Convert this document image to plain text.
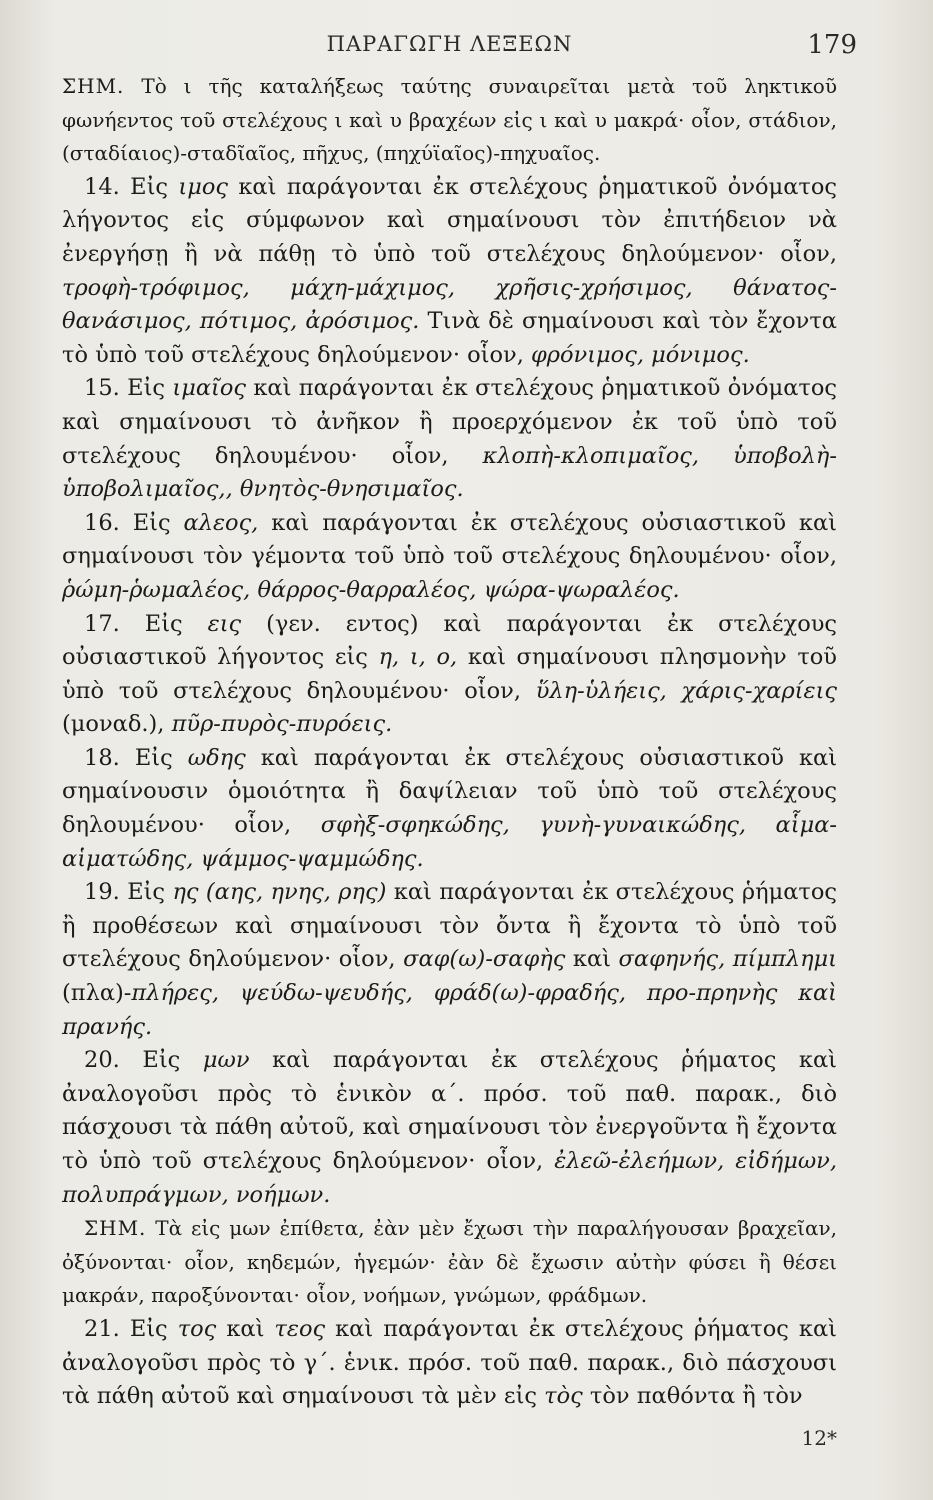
ΠΑΡΑΓΩΓΗ ΛΕΞΕΩΝ	179

ΣΗΜ. Τὸ ι τῆς καταλήξεως ταύτης συναιρεῖται μετὰ τοῦ ληκτικοῦ φωνήεντος τοῦ στελέχους ι καὶ υ βραχέων εἰς ι καὶ υ μακρά· οἷον, στάδιον, (σταδίαιος)-σταδῖαῖος, πῆχυς, (πηχύϊαῖος)-πηχυαῖος.

14. Εἰς ιμος καὶ παράγονται ἐκ στελέχους ῥηματικοῦ ὀνόματος λήγοντος εἰς σύμφωνον καὶ σημαίνουσι τὸν ἐπιτήδειον νὰ ἐνεργήσῃ ἢ νὰ πάθῃ τὸ ὑπὸ τοῦ στελέχους δηλούμενον· οἷον, τροφὴ-τρόφιμος, μάχη-μάχιμος, χρῆσις-χρήσιμος, θάνατος-θανάσιμος, πότιμος, ἀρόσιμος. Τινὰ δὲ σημαίνουσι καὶ τὸν ἔχοντα τὸ ὑπὸ τοῦ στελέχους δηλούμενον· οἷον, φρόνιμος, μόνιμος.

15. Εἰς ιμαῖος καὶ παράγονται ἐκ στελέχους ῥηματικοῦ ὀνόματος καὶ σημαίνουσι τὸ ἀνῆκον ἢ προερχόμενον ἐκ τοῦ ὑπὸ τοῦ στελέχους δηλουμένου· οἷον, κλοπὴ-κλοπιμαῖος, ὑποβολὴ-ὑποβολιμαῖος,, θνητὸς-θνησιμαῖος.

16. Εἰς αλεος, καὶ παράγονται ἐκ στελέχους οὐσιαστικοῦ καὶ σημαίνουσι τὸν γέμοντα τοῦ ὑπὸ τοῦ στελέχους δηλουμένου· οἷον, ῥώμη-ῥωμαλέος, θάρρος-θαρραλέος, ψώρα-ψωραλέος.

17. Εἰς εις (γεν. εντος) καὶ παράγονται ἐκ στελέχους οὐσιαστικοῦ λήγοντος εἰς η, ι, ο, καὶ σημαίνουσι πλησμονὴν τοῦ ὑπὸ τοῦ στελέχους δηλουμένου· οἷον, ὕλη-ὑλήεις, χάρις-χαρίεις (μοναδ.), πῦρ-πυρὸς-πυρόεις.

18. Εἰς ωδης καὶ παράγονται ἐκ στελέχους οὐσιαστικοῦ καὶ σημαίνουσιν ὁμοιότητα ἢ δαψίλειαν τοῦ ὑπὸ τοῦ στελέχους δηλουμένου· οἷον, σφὴξ-σφηκώδης, γυνὴ-γυναικώδης, αἷμα-αἱματώδης, ψάμμος-ψαμμώδης.

19. Εἰς ης (αης, ηνης, ρης) καὶ παράγονται ἐκ στελέχους ῥήματος ἢ προθέσεων καὶ σημαίνουσι τὸν ὄντα ἢ ἔχοντα τὸ ὑπὸ τοῦ στελέχους δηλούμενον· οἷον, σαφ(ω)-σαφὴς καὶ σαφηνής, πίμπλημι (πλα)-πλήρες, ψεύδω-ψευδής, φράδ(ω)-φραδής, προ-πρηνὴς καὶ πρανής.

20. Εἰς μων καὶ παράγονται ἐκ στελέχους ῥήματος καὶ ἀναλογοῦσι πρὸς τὸ ἑνικὸν α΄. πρόσ. τοῦ παθ. παρακ., διὸ πάσχουσι τὰ πάθη αὐτοῦ, καὶ σημαίνουσι τὸν ἐνεργοῦντα ἢ ἔχοντα τὸ ὑπὸ τοῦ στελέχους δηλούμενον· οἷον, ἐλεῶ-ἐλεήμων, εἰδήμων, πολυπράγμων, νοήμων.

ΣΗΜ. Τὰ εἰς μων ἐπίθετα, ἐὰν μὲν ἔχωσι τὴν παραλήγουσαν βραχεῖαν, ὀξύνονται· οἷον, κηδεμών, ἡγεμών· ἐὰν δὲ ἔχωσιν αὐτὴν φύσει ἢ θέσει μακράν, παροξύνονται· οἷον, νοήμων, γνώμων, φράδμων.

21. Εἰς τος καὶ τεος καὶ παράγονται ἐκ στελέχους ῥήματος καὶ ἀναλογοῦσι πρὸς τὸ γ΄. ἑνικ. πρόσ. τοῦ παθ. παρακ., διὸ πάσχουσι τὰ πάθη αὐτοῦ καὶ σημαίνουσι τὰ μὲν εἰς τὸς τὸν παθόντα ἢ τὸν

12*
